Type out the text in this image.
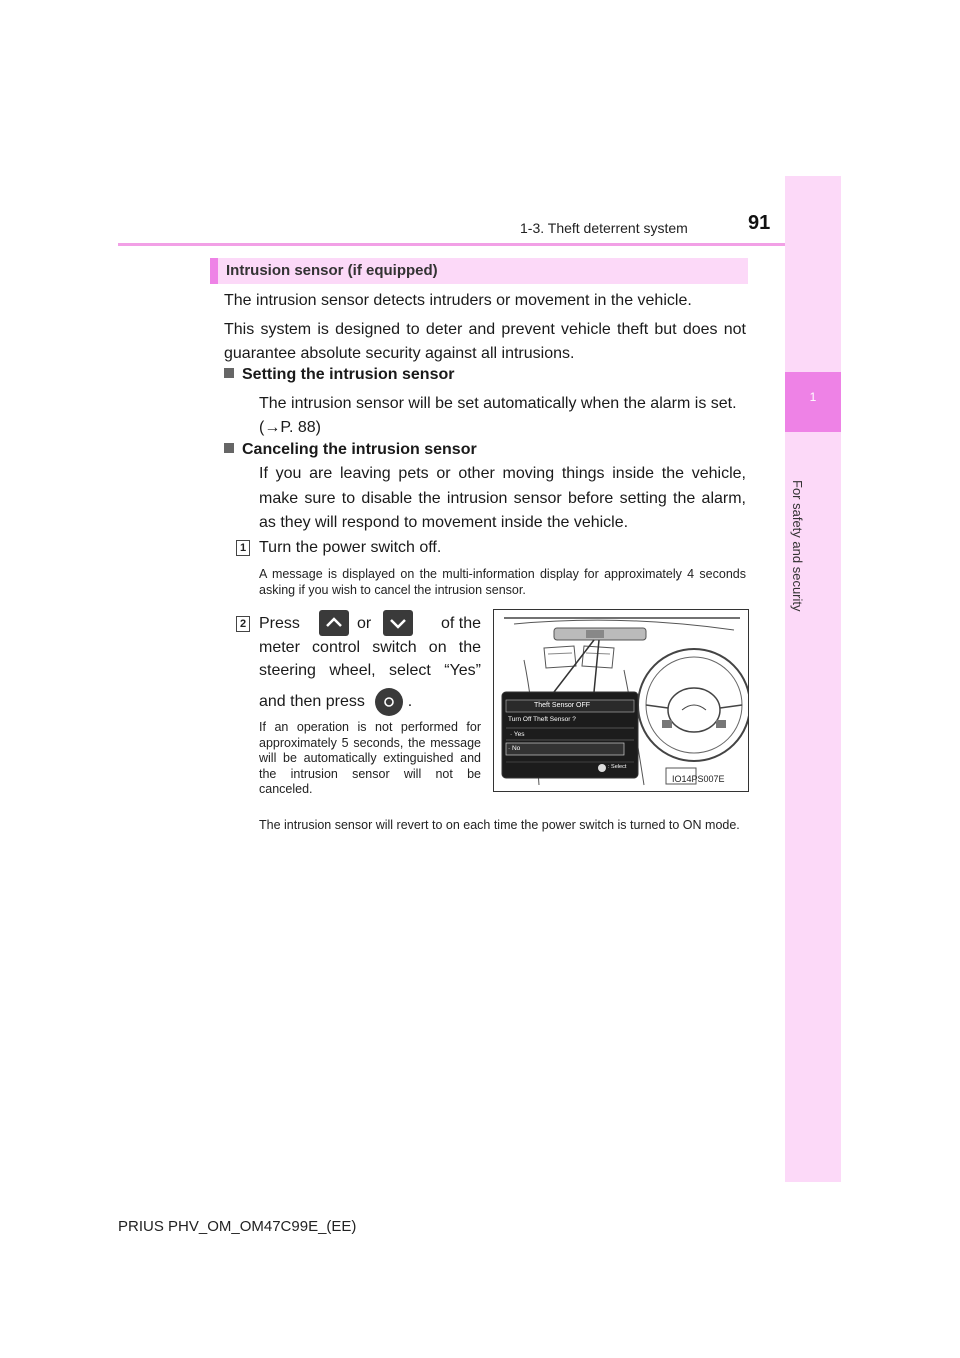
1-3. Theft deterrent system	91
1
For safety and security
Intrusion sensor (if equipped)
The intrusion sensor detects intruders or movement in the vehicle.
This system is designed to deter and prevent vehicle theft but does not guarantee absolute security against all intrusions.
Setting the intrusion sensor
The intrusion sensor will be set automatically when the alarm is set.
(→P. 88)
Canceling the intrusion sensor
If you are leaving pets or other moving things inside the vehicle, make sure to disable the intrusion sensor before setting the alarm, as they will respond to movement inside the vehicle.
1 Turn the power switch off.
A message is displayed on the multi-information display for approximately 4 seconds asking if you wish to cancel the intrusion sensor.
2 Press	or	of the
meter control switch on the
steering wheel, select “Yes”
and then press	.
If an operation is not performed for approximately 5 seconds, the message will be automatically extinguished and the intrusion sensor will not be canceled.
Theft Sensor OFF
Turn Off Theft Sensor ?
· Yes
· No
: Select
IO14PS007E
The intrusion sensor will revert to on each time the power switch is turned to ON mode.
PRIUS PHV_OM_OM47C99E_(EE)
